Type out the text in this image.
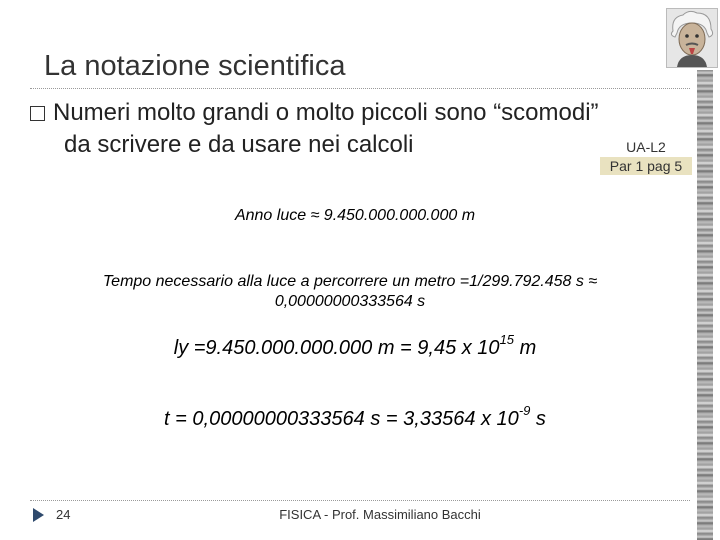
La notazione scientifica
Numeri molto grandi o molto piccoli sono “scomodi”
da scrivere e da usare nei calcoli	UA-L2
Par 1 pag 5
Anno luce ≈ 9.450.000.000.000 m
Tempo necessario alla luce a percorrere un metro =1/299.792.458 s ≈
0,00000000333564 s
ly =9.450.000.000.000 m = 9,45 x $10^{15}$ m
t = 0,00000000333564 s = 3,33564 x $10^{-9}$ s
24	FISICA - Prof. Massimiliano Bacchi
